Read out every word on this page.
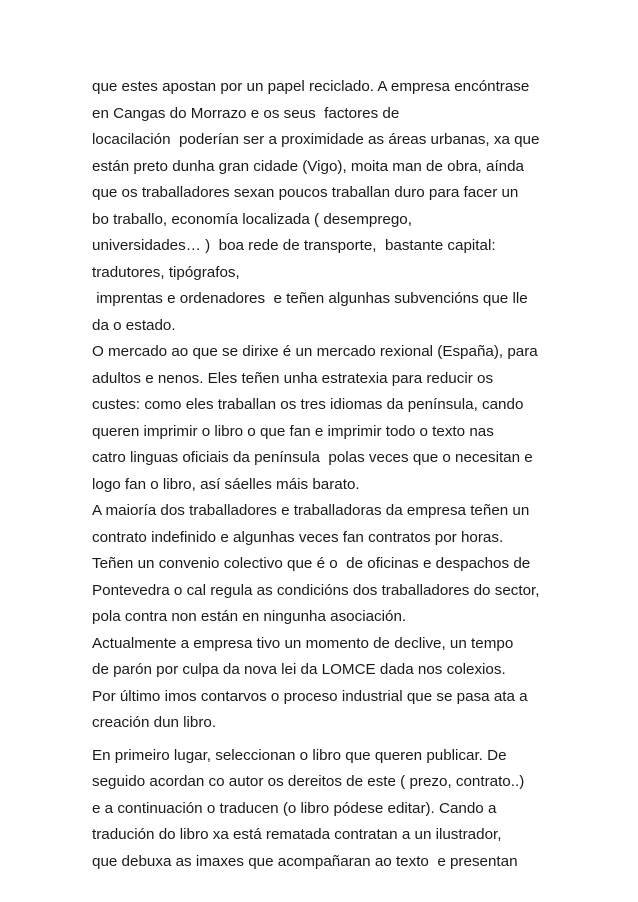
que estes apostan por un papel reciclado. A empresa encóntrase
en Cangas do Morrazo e os seus  factores de
locacilación  poderían ser a proximidade as áreas urbanas, xa que
están preto dunha gran cidade (Vigo), moita man de obra, aínda
que os traballadores sexan poucos traballan duro para facer un
bo traballo, economía localizada ( desemprego,
universidades… )  boa rede de transporte,  bastante capital:
tradutores, tipógrafos,
imprentas e ordenadores  e teñen algunhas subvencións que lle
da o estado.
O mercado ao que se dirixe é un mercado rexional (España), para
adultos e nenos. Eles teñen unha estratexia para reducir os
custes: como eles traballan os tres idiomas da península, cando
queren imprimir o libro o que fan e imprimir todo o texto nas
catro linguas oficiais da península  polas veces que o necesitan e
logo fan o libro, así sáelles máis barato.
A maioría dos traballadores e traballadoras da empresa teñen un
contrato indefinido e algunhas veces fan contratos por horas.
Teñen un convenio colectivo que é o  de oficinas e despachos de
Pontevedra o cal regula as condicións dos traballadores do sector,
pola contra non están en ningunha asociación.
Actualmente a empresa tivo un momento de declive, un tempo
de parón por culpa da nova lei da LOMCE dada nos colexios.
Por último imos contarvos o proceso industrial que se pasa ata a
creación dun libro.
En primeiro lugar, seleccionan o libro que queren publicar. De
seguido acordan co autor os dereitos de este ( prezo, contrato..)
e a continuación o traducen (o libro pódese editar). Cando a
tradución do libro xa está rematada contratan a un ilustrador,
que debuxa as imaxes que acompañaran ao texto  e presentan
